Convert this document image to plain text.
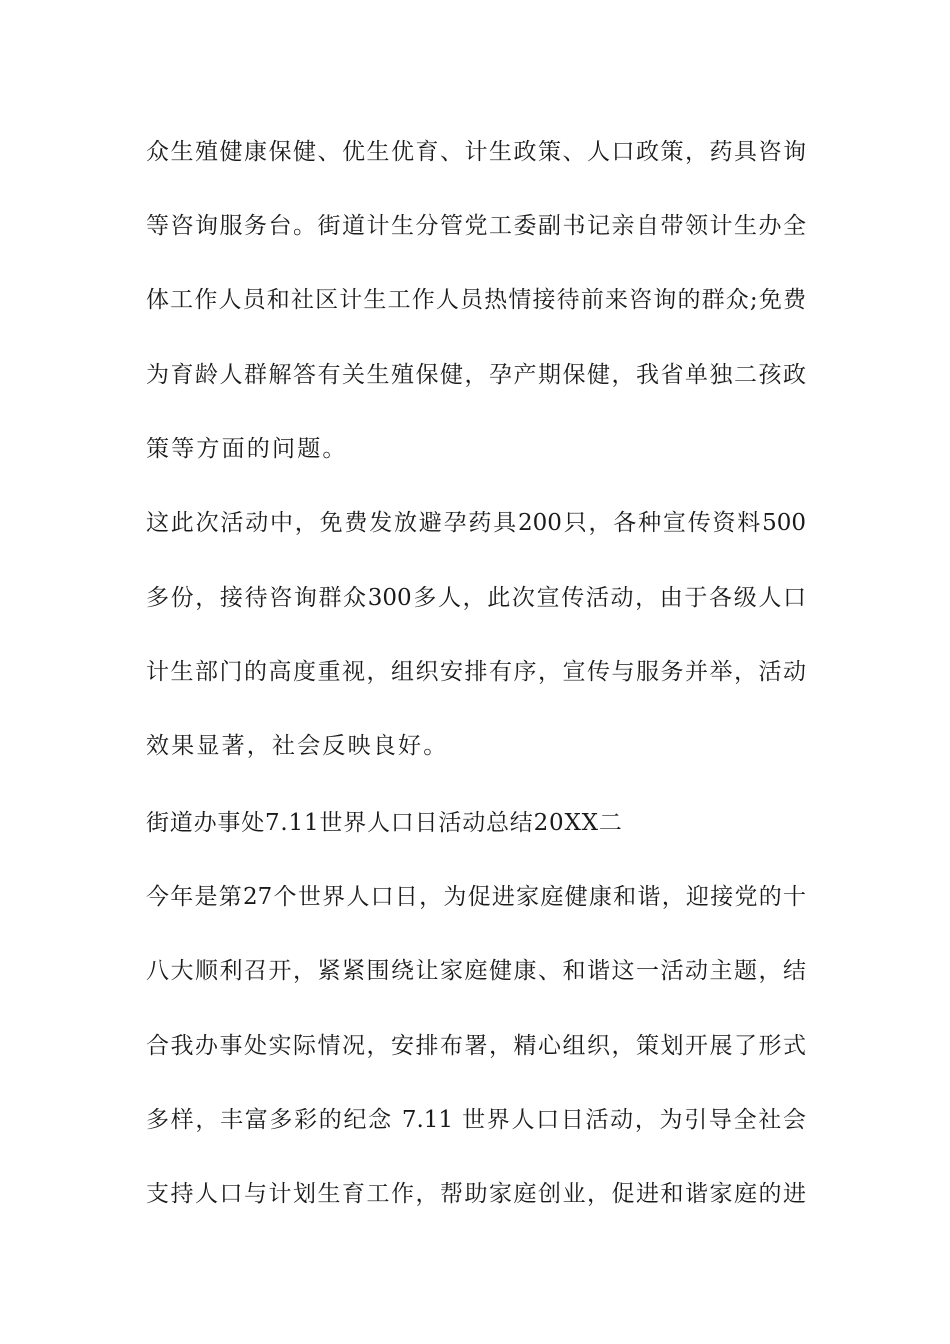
众生殖健康保健、优生优育、计生政策、人口政策，药具咨询
等咨询服务台。街道计生分管党工委副书记亲自带领计生办全
体工作人员和社区计生工作人员热情接待前来咨询的群众;免费
为育龄人群解答有关生殖保健，孕产期保健，我省单独二孩政
策等方面的问题。
这此次活动中，免费发放避孕药具200只，各种宣传资料500
多份，接待咨询群众300多人，此次宣传活动，由于各级人口
计生部门的高度重视，组织安排有序，宣传与服务并举，活动
效果显著，社会反映良好。
街道办事处7.11世界人口日活动总结20XX二
今年是第27个世界人口日，为促进家庭健康和谐，迎接党的十
八大顺利召开，紧紧围绕让家庭健康、和谐这一活动主题，结
合我办事处实际情况，安排布署，精心组织，策划开展了形式
多样，丰富多彩的纪念 7.11 世界人口日活动，为引导全社会
支持人口与计划生育工作，帮助家庭创业，促进和谐家庭的进
